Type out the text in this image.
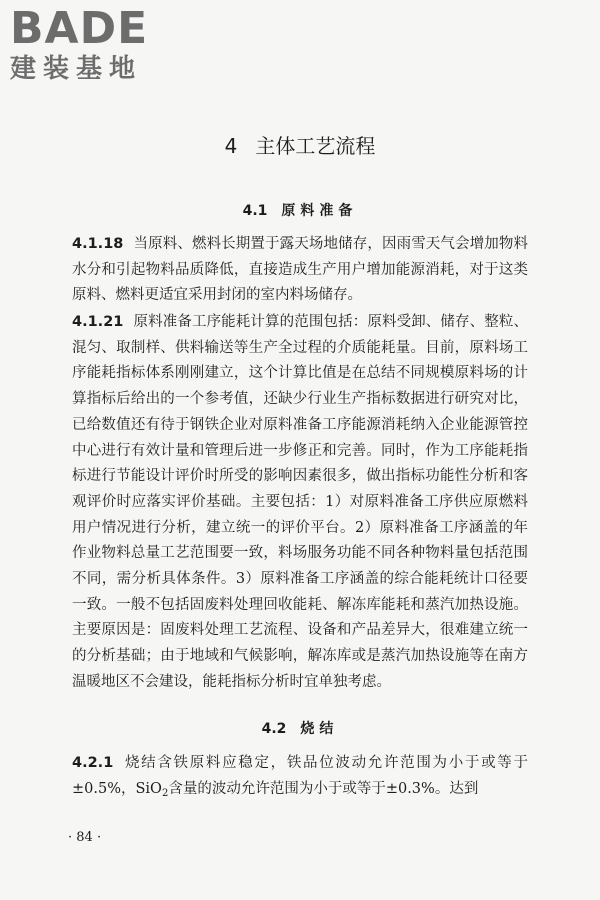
BADE
建装基地
4 主体工艺流程
4.1 原料准备
4.1.18 当原料、燃料长期置于露天场地储存，因雨雪天气会增加物料水分和引起物料品质降低，直接造成生产用户增加能源消耗，对于这类原料、燃料更适宜采用封闭的室内料场储存。
4.1.21 原料准备工序能耗计算的范围包括：原料受卸、储存、整粒、混匀、取制样、供料输送等生产全过程的介质能耗量。目前，原料场工序能耗指标体系刚刚建立，这个计算比值是在总结不同规模原料场的计算指标后给出的一个参考值，还缺少行业生产指标数据进行研究对比，已给数值还有待于钢铁企业对原料准备工序能源消耗纳入企业能源管控中心进行有效计量和管理后进一步修正和完善。同时，作为工序能耗指标进行节能设计评价时所受的影响因素很多，做出指标功能性分析和客观评价时应落实评价基础。主要包括：1）对原料准备工序供应原燃料用户情况进行分析，建立统一的评价平台。2）原料准备工序涵盖的年作业物料总量工艺范围要一致，料场服务功能不同各种物料量包括范围不同，需分析具体条件。3）原料准备工序涵盖的综合能耗统计口径要一致。一般不包括固废料处理回收能耗、解冻库能耗和蒸汽加热设施。主要原因是：固废料处理工艺流程、设备和产品差异大，很难建立统一的分析基础；由于地域和气候影响，解冻库或是蒸汽加热设施等在南方温暖地区不会建设，能耗指标分析时宜单独考虑。
4.2 烧结
4.2.1 烧结含铁原料应稳定，铁品位波动允许范围为小于或等于±0.5%，SiO$_2$含量的波动允许范围为小于或等于±0.3%。达到
· 84 ·
